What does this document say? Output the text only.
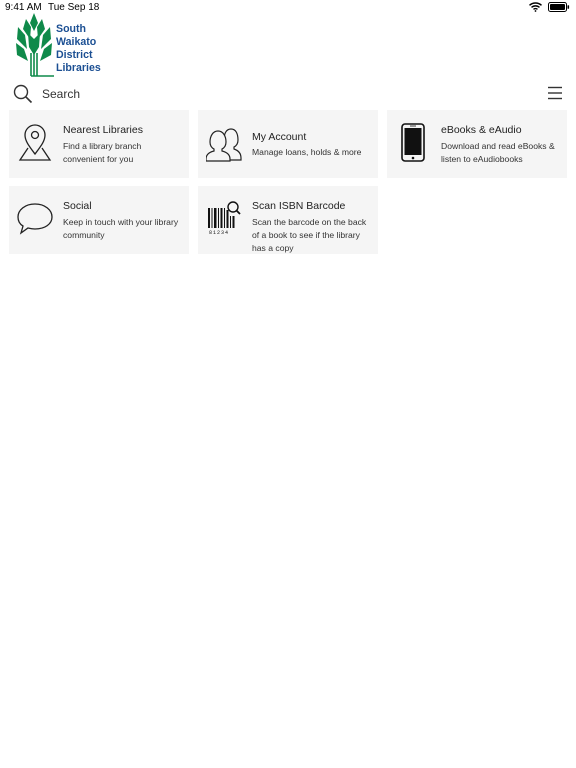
9:41 AM Tue Sep 18
South
Waikato
District
Libraries
Search
Nearest Libraries
Find a library branch convenient for you
My Account
Manage loans, holds & more
eBooks & eAudio
Download and read eBooks & listen to eAudiobooks
Social
Keep in touch with your library community	81234
Scan ISBN Barcode
Scan the barcode on the back of a book to see if the library has a copy
